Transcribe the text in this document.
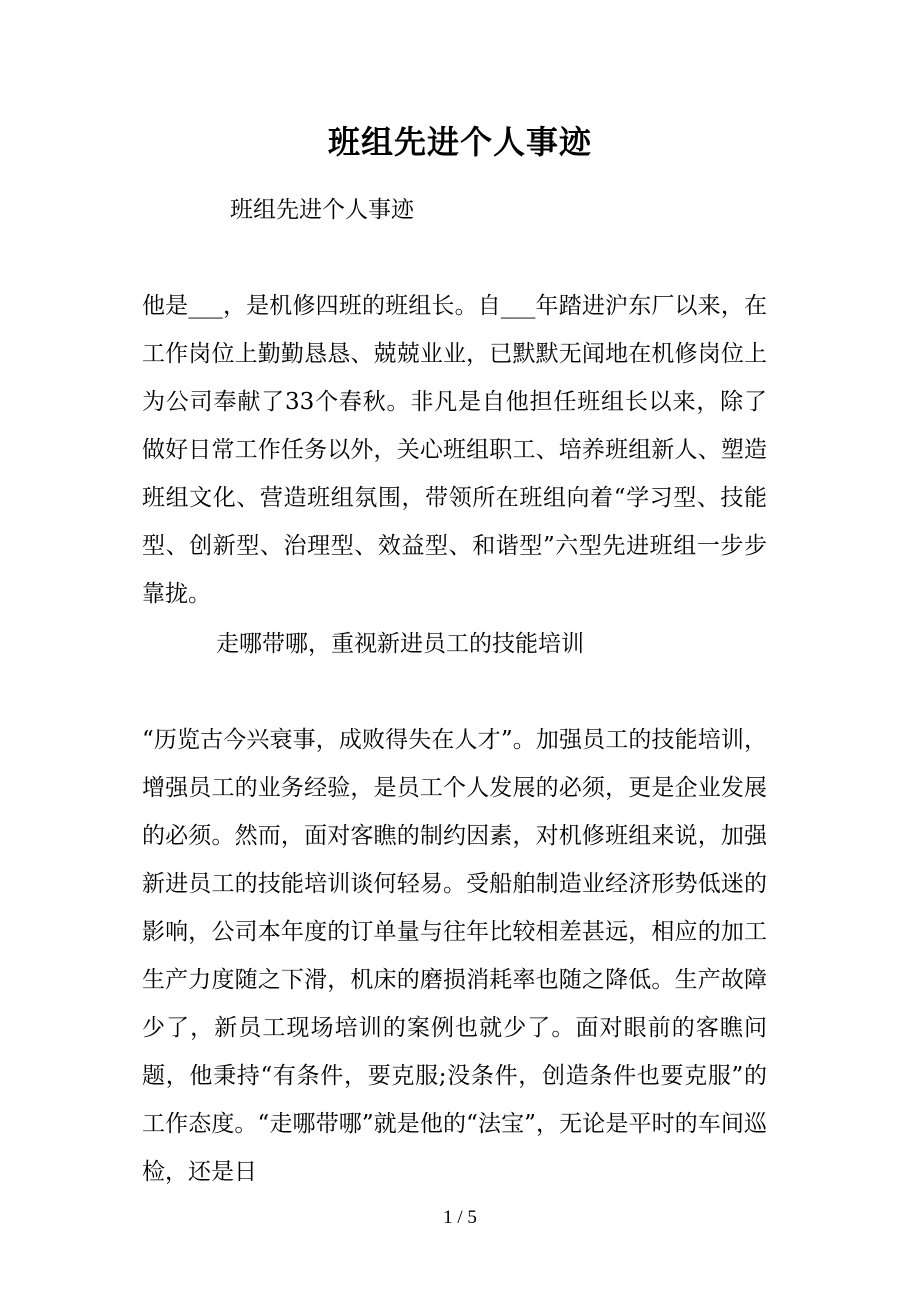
班组先进个人事迹
班组先进个人事迹
他是___，是机修四班的班组长。自___年踏进沪东厂以来，在工作岗位上勤勤恳恳、兢兢业业，已默默无闻地在机修岗位上为公司奉献了33个春秋。非凡是自他担任班组长以来，除了做好日常工作任务以外，关心班组职工、培养班组新人、塑造班组文化、营造班组氛围，带领所在班组向着“学习型、技能型、创新型、治理型、效益型、和谐型”六型先进班组一步步靠拢。
走哪带哪，重视新进员工的技能培训
“历览古今兴衰事，成败得失在人才”。加强员工的技能培训，增强员工的业务经验，是员工个人发展的必须，更是企业发展的必须。然而，面对客瞧的制约因素，对机修班组来说，加强新进员工的技能培训谈何轻易。受船舶制造业经济形势低迷的影响，公司本年度的订单量与往年比较相差甚远，相应的加工生产力度随之下滑，机床的磨损消耗率也随之降低。生产故障少了，新员工现场培训的案例也就少了。面对眼前的客瞧问题，他秉持“有条件，要克服;没条件，创造条件也要克服”的工作态度。“走哪带哪”就是他的“法宝”，无论是平时的车间巡检，还是日
1 / 5
